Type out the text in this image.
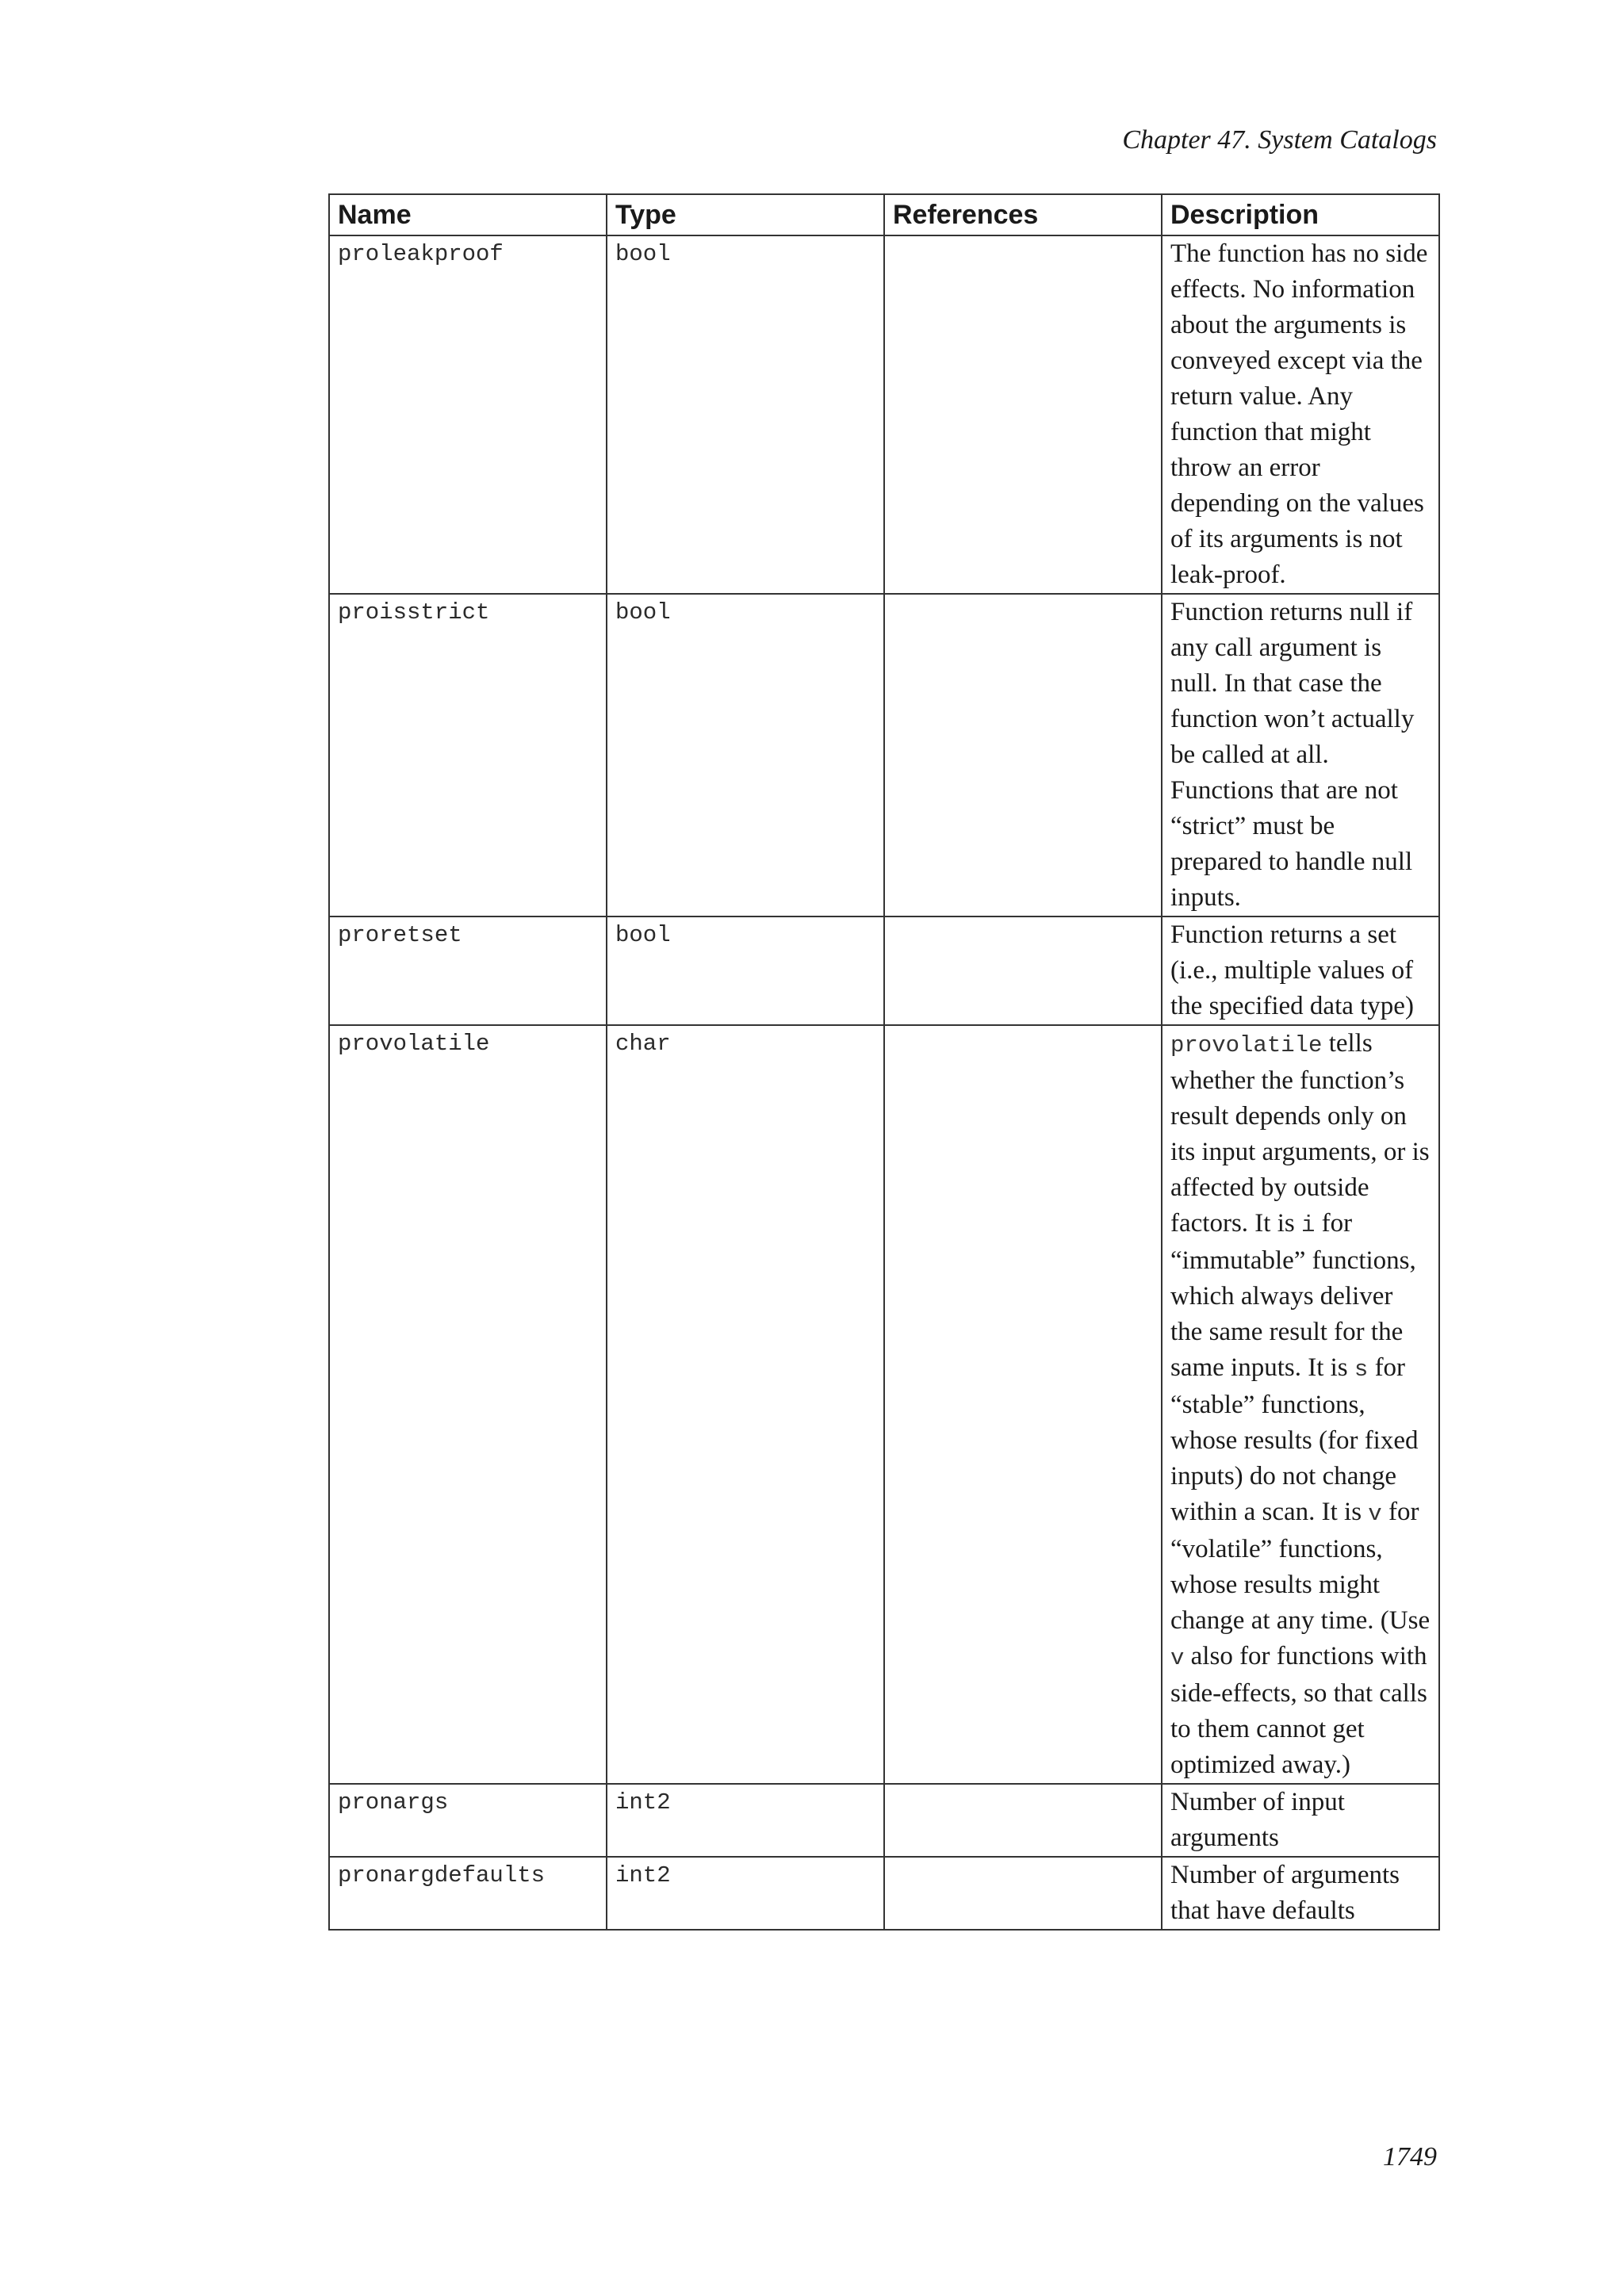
Chapter 47. System Catalogs
Name	Type	References	Description
proleakproof	bool		The function has no side effects. No information about the arguments is conveyed except via the return value. Any function that might throw an error depending on the values of its arguments is not leak-proof.
proisstrict	bool		Function returns null if any call argument is null. In that case the function won’t actually be called at all. Functions that are not “strict” must be prepared to handle null inputs.
proretset	bool		Function returns a set (i.e., multiple values of the specified data type)
provolatile	char		provolatile tells whether the function’s result depends only on its input arguments, or is affected by outside factors. It is i for “immutable” functions, which always deliver the same result for the same inputs. It is s for “stable” functions, whose results (for fixed inputs) do not change within a scan. It is v for “volatile” functions, whose results might change at any time. (Use v also for functions with side-effects, so that calls to them cannot get optimized away.)
pronargs	int2		Number of input arguments
pronargdefaults	int2		Number of arguments that have defaults
1749
